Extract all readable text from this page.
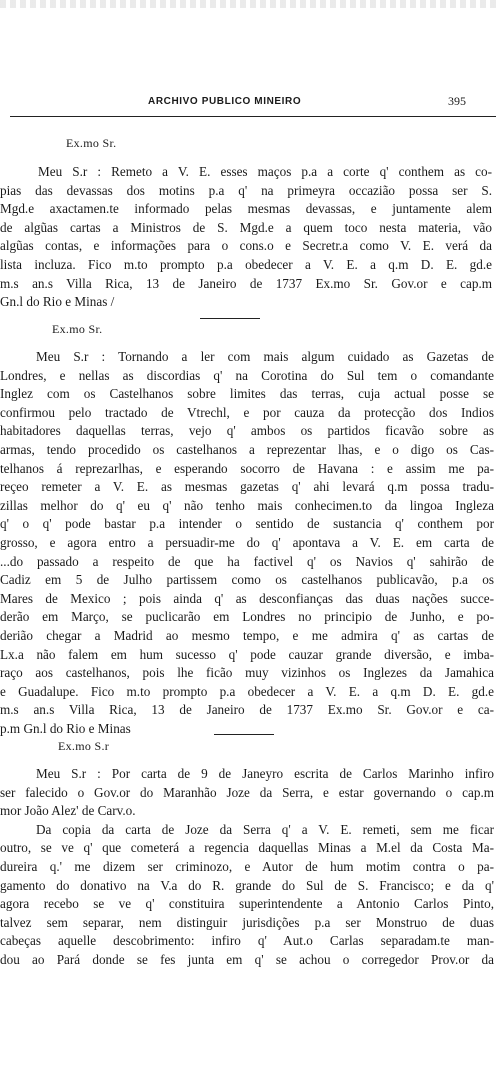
ARCHIVO PUBLICO MINEIRO	395
Ex.mo Sr.
Meu S.r : Remeto a V. E. esses maços p.a a corte q' conthem as co-
pias das devassas dos motins p.a q' na primeyra occazião possa ser S.
Mgd.e axactamen.te informado pelas mesmas devassas, e juntamente alem
de algũas cartas a Ministros de S. Mgd.e a quem toco nesta materia, vão
algũas contas, e informações para o cons.o e Secretr.a como V. E. verá da
lista incluza. Fico m.to prompto p.a obedecer a V. E. a q.m D. E. gd.e
m.s an.s Villa Rica, 13 de Janeiro de 1737 Ex.mo Sr. Gov.or e cap.m
Gn.l do Rio e Minas /
Ex.mo Sr.
Meu S.r : Tornando a ler com mais algum cuidado as Gazetas de
Londres, e nellas as discordias q' na Corotina do Sul tem o comandante
Inglez com os Castelhanos sobre limites das terras, cuja actual posse se
confirmou pelo tractado de Vtrechl, e por cauza da protecção dos Indios
habitadores daquellas terras, vejo q' ambos os partidos ficavão sobre as
armas, tendo procedido os castelhanos a reprezentar lhas, e o digo os Cas-
telhanos á reprezarlhas, e esperando socorro de Havana : e assim me pa-
reçeo remeter a V. E. as mesmas gazetas q' ahi levará q.m possa tradu-
zillas melhor do q' eu q' não tenho mais conhecimen.to da lingoa Ingleza
q' o q' pode bastar p.a intender o sentido de sustancia q' conthem por
grosso, e agora entro a persuadir-me do q' apontava a V. E. em carta de
...do passado a respeito de que ha factivel q' os Navios q' sahirão de
Cadiz em 5 de Julho partissem como os castelhanos publicavão, p.a os
Mares de Mexico ; pois ainda q' as desconfianças das duas nações succe-
derão em Março, se puclicarão em Londres no principio de Junho, e po-
derião chegar a Madrid ao mesmo tempo, e me admira q' as cartas de
Lx.a não falem em hum sucesso q' pode cauzar grande diversão, e imba-
raço aos castelhanos, pois lhe ficão muy vizinhos os Inglezes da Jamahica
e Guadalupe. Fico m.to prompto p.a obedecer a V. E. a q.m D. E. gd.e
m.s an.s Villa Rica, 13 de Janeiro de 1737 Ex.mo Sr. Gov.or e ca-
p.m Gn.l do Rio e Minas
Ex.mo S.r
Meu S.r : Por carta de 9 de Janeyro escrita de Carlos Marinho infiro
ser falecido o Gov.or do Maranhão Joze da Serra, e estar governando o cap.m
mor João Alez' de Carv.o.
Da copia da carta de Joze da Serra q' a V. E. remeti, sem me ficar
outro, se ve q' que cometerá a regencia daquellas Minas a M.el da Costa Ma-
dureira q.' me dizem ser criminozo, e Autor de hum motim contra o pa-
gamento do donativo na V.a do R. grande do Sul de S. Francisco; e da q'
agora recebo se ve q' constituira superintendente a Antonio Carlos Pinto,
talvez sem separar, nem distinguir jurisdições p.a ser Monstruo de duas
cabeças aquelle descobrimento: infiro q' Aut.o Carlas separadam.te man-
dou ao Pará donde se fes junta em q' se achou o corregedor Prov.or da
